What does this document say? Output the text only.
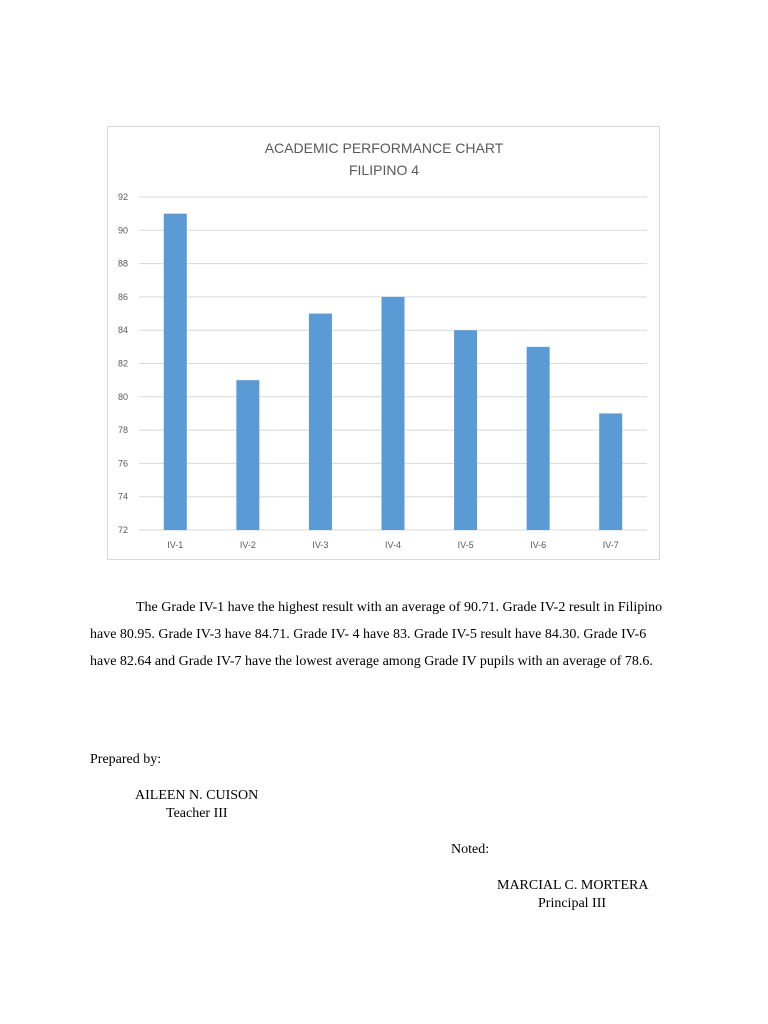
ACADEMIC PERFORMANCE CHART
FILIPINO 4
92
90
88
86
84
82
80
78
76
74
72
IV-1	IV-2	IV-3	IV-4	IV-5	IV-6	IV-7

The Grade IV-1 have the highest result with an average of 90.71. Grade IV-2 result in Filipino have 80.95. Grade IV-3 have 84.71. Grade IV- 4 have 83. Grade IV-5 result have 84.30. Grade IV-6 have 82.64 and Grade IV-7 have the lowest average among Grade IV pupils with an average of 78.6.

Prepared by:
AILEEN N. CUISON
Teacher III
Noted:
MARCIAL C. MORTERA
Principal III
